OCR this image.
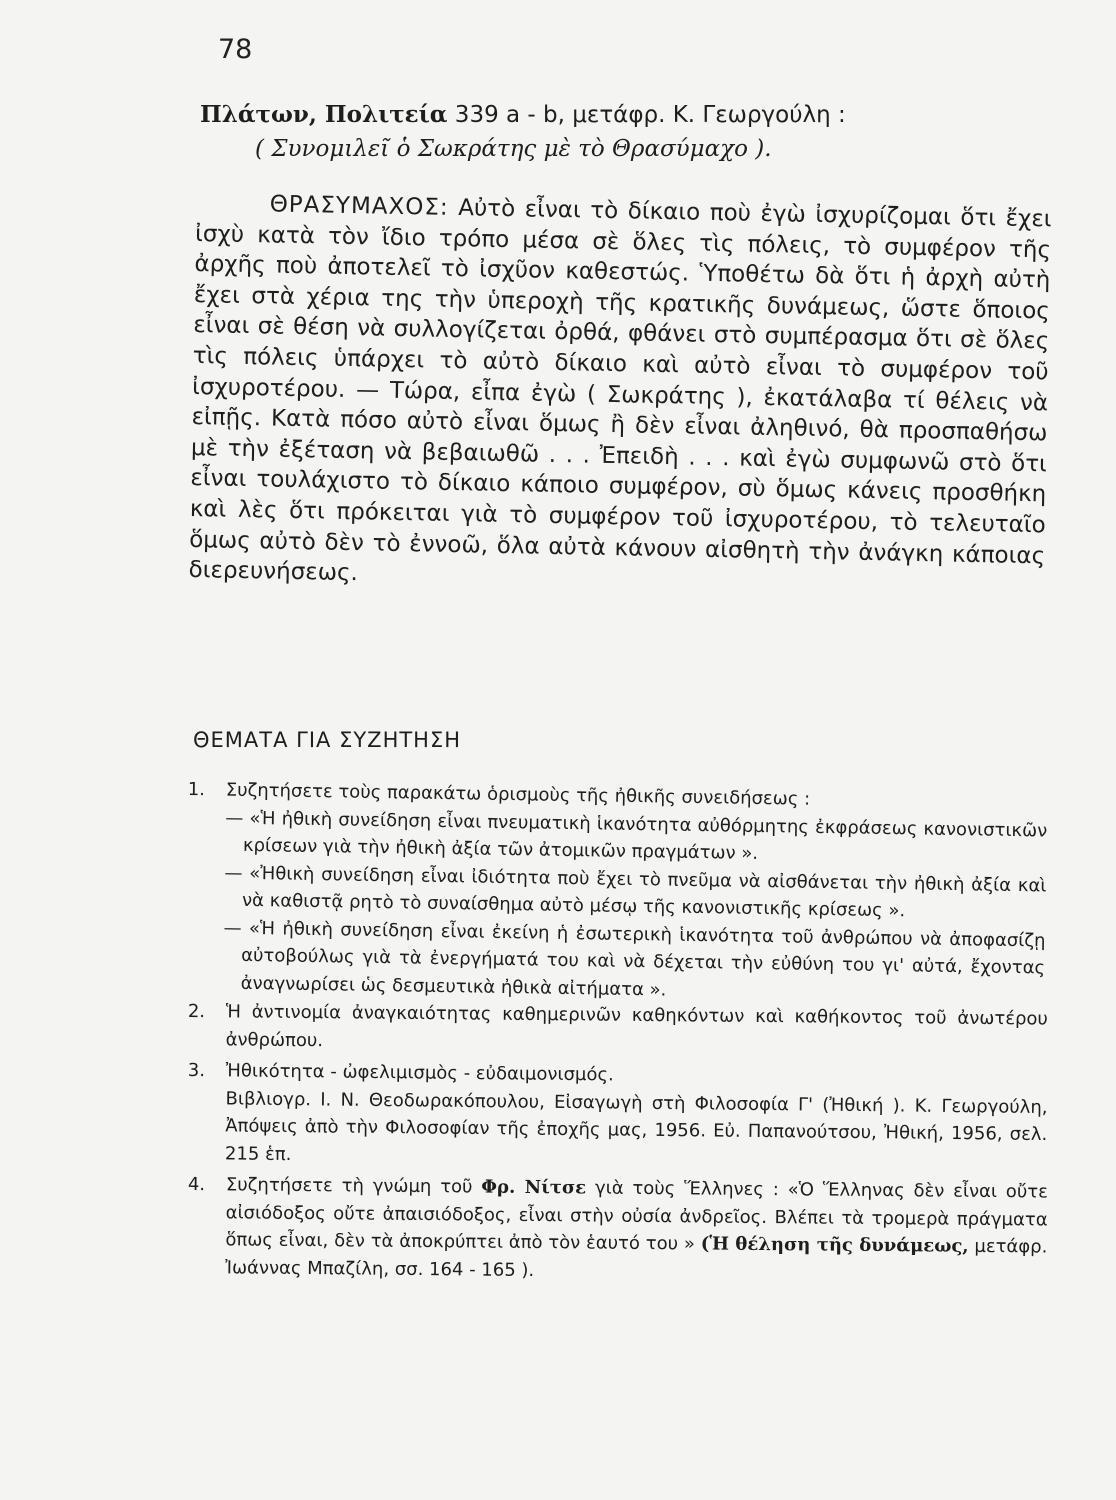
78
Πλάτων, Πολιτεία 339 a - b, μετάφρ. Κ. Γεωργούλη :
( Συνομιλεῖ ὁ Σωκράτης μὲ τὸ Θρασύμαχο ).

ΘΡΑΣΥΜΑΧΟΣ: Αὐτὸ εἶναι τὸ δίκαιο ποὺ ἐγὼ ἰσχυρίζομαι ὅτι ἔχει ἰσχὺ κατὰ τὸν ἴδιο τρόπο μέσα σὲ ὅλες τὶς πόλεις, τὸ συμφέρον τῆς ἀρχῆς ποὺ ἀποτελεῖ τὸ ἰσχῦον καθεστώς. Ὑποθέτω δὰ ὅτι ἡ ἀρχὴ αὐτὴ ἔχει στὰ χέρια της τὴν ὑπεροχὴ τῆς κρατικῆς δυνάμεως, ὥστε ὅποιος εἶναι σὲ θέση νὰ συλλογίζεται ὀρθά, φθάνει στὸ συμπέρασμα ὅτι σὲ ὅλες τὶς πόλεις ὑπάρχει τὸ αὐτὸ δίκαιο καὶ αὐτὸ εἶναι τὸ συμφέρον τοῦ ἰσχυροτέρου. — Τώρα, εἶπα ἐγὼ ( Σωκράτης ), ἐκατάλαβα τί θέλεις νὰ εἰπῇς. Κατὰ πόσο αὐτὸ εἶναι ὅμως ἢ δὲν εἶναι ἀληθινό, θὰ προσπαθήσω μὲ τὴν ἐξέταση νὰ βεβαιωθῶ . . . Ἐπειδὴ . . . καὶ ἐγὼ συμφωνῶ στὸ ὅτι εἶναι τουλάχιστο τὸ δίκαιο κάποιο συμφέρον, σὺ ὅμως κάνεις προσθήκη καὶ λὲς ὅτι πρόκειται γιὰ τὸ συμφέρον τοῦ ἰσχυροτέρου, τὸ τελευταῖο ὅμως αὐτὸ δὲν τὸ ἐννοῶ, ὅλα αὐτὰ κάνουν αἰσθητὴ τὴν ἀνάγκη κάποιας διερευνήσεως.

ΘΕΜΑΤΑ ΓΙΑ ΣΥΖΗΤΗΣΗ
1. Συζητήσετε τοὺς παρακάτω ὁρισμοὺς τῆς ἠθικῆς συνειδήσεως :
— «Ἡ ἠθικὴ συνείδηση εἶναι πνευματικὴ ἱκανότητα αὐθόρμητης ἐκφράσεως κανονιστικῶν κρίσεων γιὰ τὴν ἠθικὴ ἀξία τῶν ἀτομικῶν πραγμάτων ».
— «Ἠθικὴ συνείδηση εἶναι ἰδιότητα ποὺ ἔχει τὸ πνεῦμα νὰ αἰσθάνεται τὴν ἠθικὴ ἀξία καὶ νὰ καθιστᾷ ρητὸ τὸ συναίσθημα αὐτὸ μέσῳ τῆς κανονιστικῆς κρίσεως ».
— «Ἡ ἠθικὴ συνείδηση εἶναι ἐκείνη ἡ ἐσωτερικὴ ἱκανότητα τοῦ ἀνθρώπου νὰ ἀποφασίζῃ αὐτοβούλως γιὰ τὰ ἐνεργήματά του καὶ νὰ δέχεται τὴν εὐθύνη του γι' αὐτά, ἔχοντας ἀναγνωρίσει ὡς δεσμευτικὰ ἠθικὰ αἰτήματα ».
2. Ἡ ἀντινομία ἀναγκαιότητας καθημερινῶν καθηκόντων καὶ καθήκοντος τοῦ ἀνωτέρου ἀνθρώπου.
3. Ἠθικότητα - ὠφελιμισμὸς - εὐδαιμονισμός.
Βιβλιογρ. Ι. Ν. Θεοδωρακόπουλου, Εἰσαγωγὴ στὴ Φιλοσοφία Γ' (Ἠθική ). Κ. Γεωργούλη, Ἀπόψεις ἀπὸ τὴν Φιλοσοφίαν τῆς ἐποχῆς μας, 1956. Εὐ. Παπανούτσου, Ἠθική, 1956, σελ. 215 ἑπ.
4. Συζητήσετε τὴ γνώμη τοῦ Φρ. Νίτσε γιὰ τοὺς Ἕλληνες : «Ὁ Ἕλληνας δὲν εἶναι οὔτε αἰσιόδοξος οὔτε ἀπαισιόδοξος, εἶναι στὴν οὐσία ἀνδρεῖος. Βλέπει τὰ τρομερὰ πράγματα ὅπως εἶναι, δὲν τὰ ἀποκρύπτει ἀπὸ τὸν ἑαυτό του » (Ἡ θέληση τῆς δυνάμεως, μετάφρ. Ἰωάννας Μπαζίλη, σσ. 164 - 165 ).
